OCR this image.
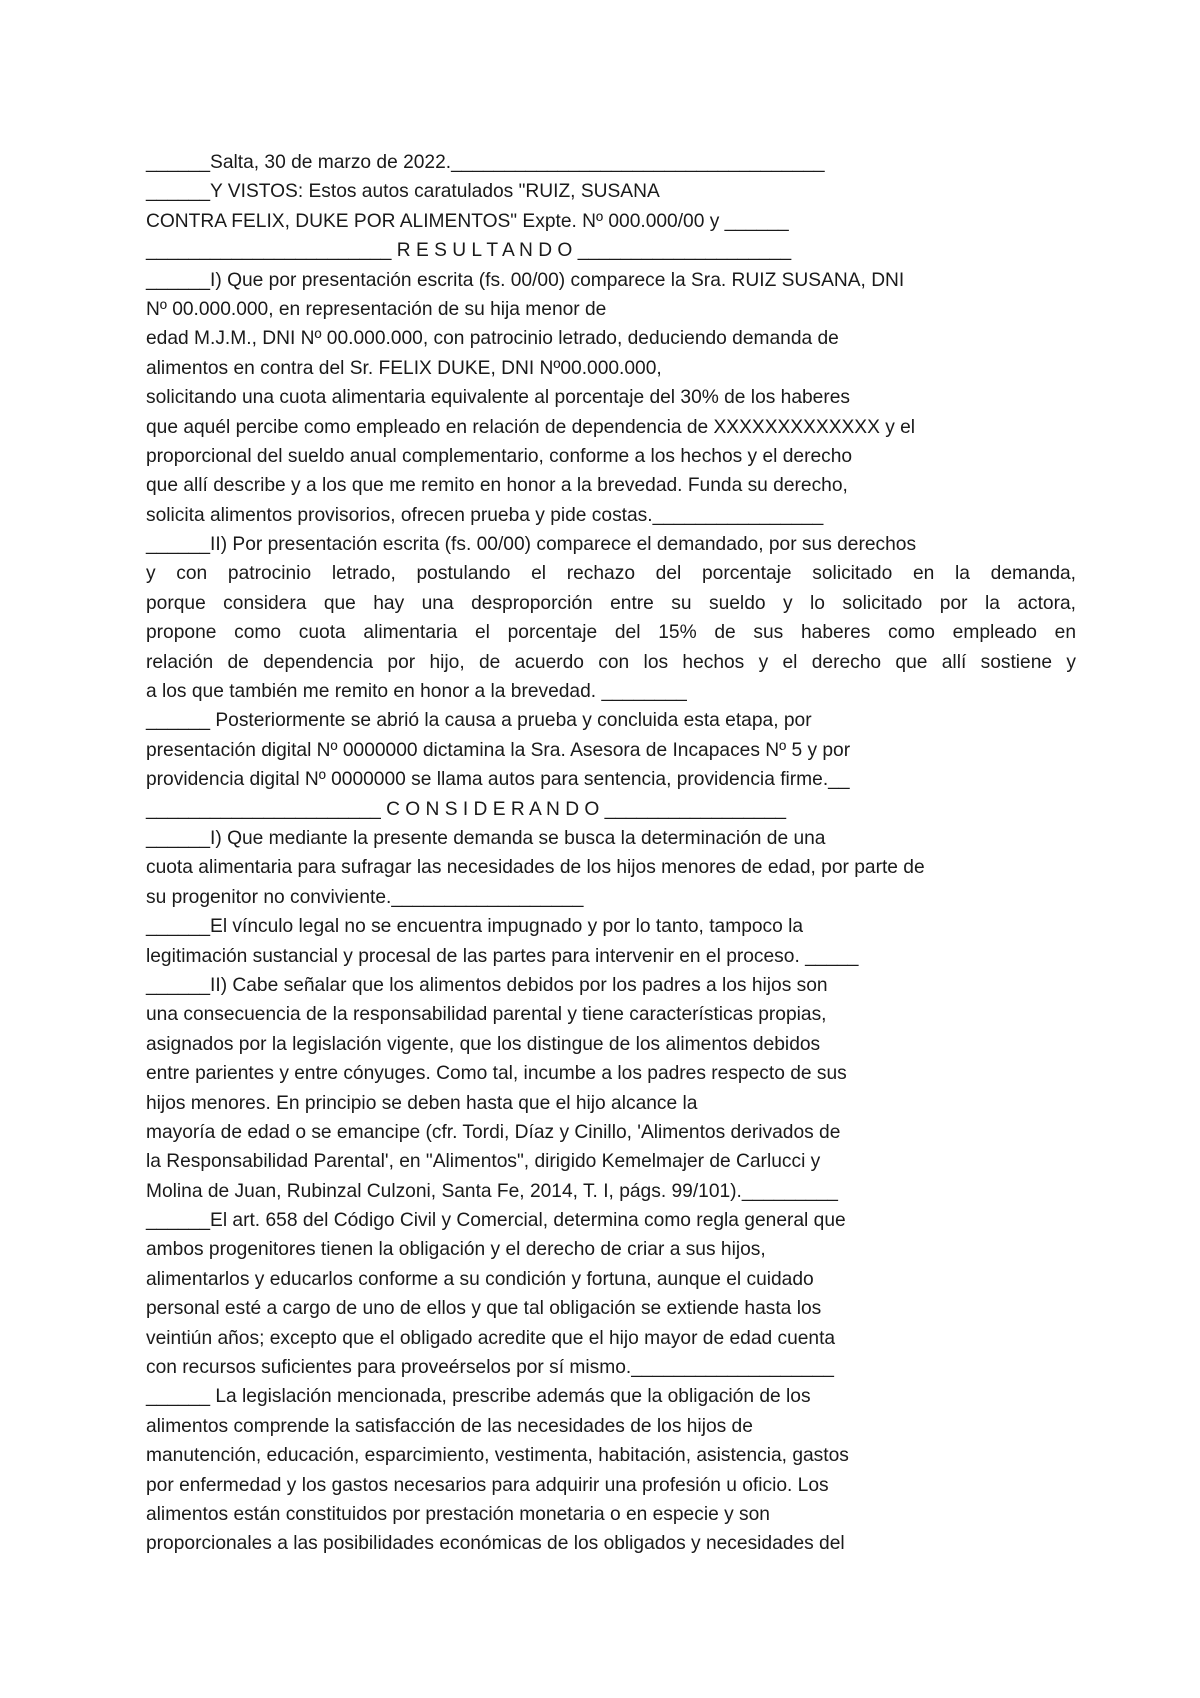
______Salta, 30 de marzo de 2022.___________________________________
______Y VISTOS: Estos autos caratulados "RUIZ, SUSANA
CONTRA FELIX, DUKE POR ALIMENTOS" Expte. Nº 000.000/00 y ______
_______________________ R E S U L T A N D O ____________________
______I) Que por presentación escrita (fs. 00/00) comparece la Sra. RUIZ SUSANA, DNI
Nº 00.000.000, en representación de su hija menor de
edad M.J.M., DNI Nº 00.000.000, con patrocinio letrado, deduciendo demanda de
alimentos en contra del Sr. FELIX DUKE, DNI Nº00.000.000,
solicitando una cuota alimentaria equivalente al porcentaje del 30% de los haberes
que aquél percibe como empleado en relación de dependencia de XXXXXXXXXXXXX y el
proporcional del sueldo anual complementario, conforme a los hechos y el derecho
que allí describe y a los que me remito en honor a la brevedad. Funda su derecho,
solicita alimentos provisorios, ofrecen prueba y pide costas.________________
______II) Por presentación escrita (fs. 00/00) comparece el demandado, por sus derechos
y con patrocinio letrado, postulando el rechazo del porcentaje solicitado en la demanda,
porque considera que hay una desproporción entre su sueldo y lo solicitado por la actora,
propone como cuota alimentaria el porcentaje del 15% de sus haberes como empleado en
relación de dependencia por hijo, de acuerdo con los hechos y el derecho que allí sostiene y
a los que también me remito en honor a la brevedad. ________
______ Posteriormente se abrió la causa a prueba y concluida esta etapa, por
presentación digital Nº 0000000 dictamina la Sra. Asesora de Incapaces Nº 5 y por
providencia digital Nº 0000000 se llama autos para sentencia, providencia firme.__
______________________ C O N S I D E R A N D O _________________
______I) Que mediante la presente demanda se busca la determinación de una
cuota alimentaria para sufragar las necesidades de los hijos menores de edad, por parte de
su progenitor no conviviente.__________________
______El vínculo legal no se encuentra impugnado y por lo tanto, tampoco la
legitimación sustancial y procesal de las partes para intervenir en el proceso. _____
______II) Cabe señalar que los alimentos debidos por los padres a los hijos son
una consecuencia de la responsabilidad parental y tiene características propias,
asignados por la legislación vigente, que los distingue de los alimentos debidos
entre parientes y entre cónyuges. Como tal, incumbe a los padres respecto de sus
hijos menores. En principio se deben hasta que el hijo alcance la
mayoría de edad o se emancipe (cfr. Tordi, Díaz y Cinillo, 'Alimentos derivados de
la Responsabilidad Parental', en "Alimentos", dirigido Kemelmajer de Carlucci y
Molina de Juan, Rubinzal Culzoni, Santa Fe, 2014, T. I, págs. 99/101)._________
______El art. 658 del Código Civil y Comercial, determina como regla general que
ambos progenitores tienen la obligación y el derecho de criar a sus hijos,
alimentarlos y educarlos conforme a su condición y fortuna, aunque el cuidado
personal esté a cargo de uno de ellos y que tal obligación se extiende hasta los
veintiún años; excepto que el obligado acredite que el hijo mayor de edad cuenta
con recursos suficientes para proveérselos por sí mismo.___________________
______ La legislación mencionada, prescribe además que la obligación de los
alimentos comprende la satisfacción de las necesidades de los hijos de
manutención, educación, esparcimiento, vestimenta, habitación, asistencia, gastos
por enfermedad y los gastos necesarios para adquirir una profesión u oficio. Los
alimentos están constituidos por prestación monetaria o en especie y son
proporcionales a las posibilidades económicas de los obligados y necesidades del
